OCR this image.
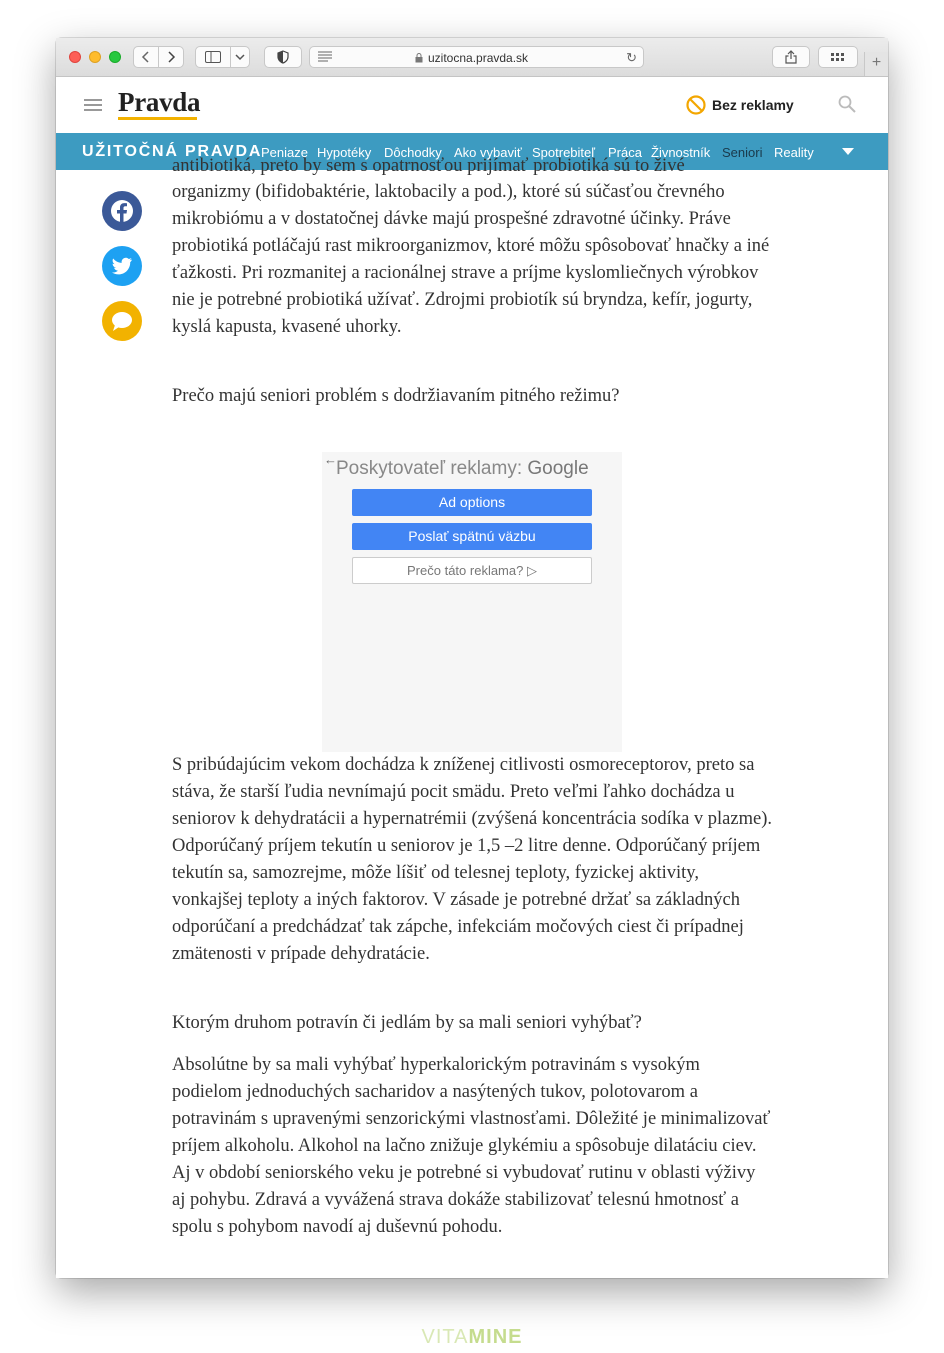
uzitocna.pravda.sk	↻	+
Pravda	Bez reklamy
UŽITOČNÁ PRAVDA
Peniaze Hypotéky Dôchodky Ako vybaviť Spotrebiteľ Práca Živnostník Seniori Reality

antibiotiká, preto by sem s opatrnosťou prijímať probiotiká sú to živé

organizmy (bifidobaktérie, laktobacily a pod.), ktoré sú súčasťou črevného mikrobiómu a v dostatočnej dávke majú prospešné zdravotné účinky. Práve probiotiká potláčajú rast mikroorganizmov, ktoré môžu spôsobovať hnačky a iné ťažkosti. Pri rozmanitej a racionálnej strave a príjme kyslomliečnych výrobkov nie je potrebné probiotiká užívať. Zdrojmi probiotík sú bryndza, kefír, jogurty, kyslá kapusta, kvasené uhorky.

Prečo majú seniori problém s dodržiavaním pitného režimu?

← Poskytovateľ reklamy: Google
Ad options
Poslať spätnú väzbu
Prečo táto reklama? ▷

S pribúdajúcim vekom dochádza k zníženej citlivosti osmoreceptorov, preto sa stáva, že starší ľudia nevnímajú pocit smädu. Preto veľmi ľahko dochádza u seniorov k dehydratácii a hypernatrémii (zvýšená koncentrácia sodíka v plazme). Odporúčaný príjem tekutín u seniorov je 1,5 –2 litre denne. Odporúčaný príjem tekutín sa, samozrejme, môže líšiť od telesnej teploty, fyzickej aktivity, vonkajšej teploty a iných faktorov. V zásade je potrebné držať sa základných odporúčaní a predchádzať tak zápche, infekciám močových ciest či prípadnej zmätenosti v prípade dehydratácie.

Ktorým druhom potravín či jedlám by sa mali seniori vyhýbať?

Absolútne by sa mali vyhýbať hyperkalorickým potravinám s vysokým podielom jednoduchých sacharidov a nasýtených tukov, polotovarom a potravinám s upravenými senzorickými vlastnosťami. Dôležité je minimalizovať príjem alkoholu. Alkohol na lačno znižuje glykémiu a spôsobuje dilatáciu ciev. Aj v období seniorského veku je potrebné si vybudovať rutinu v oblasti výživy aj pohybu. Zdravá a vyvážená strava dokáže stabilizovať telesnú hmotnosť a spolu s pohybom navodí aj duševnú pohodu.

VITAMINE
